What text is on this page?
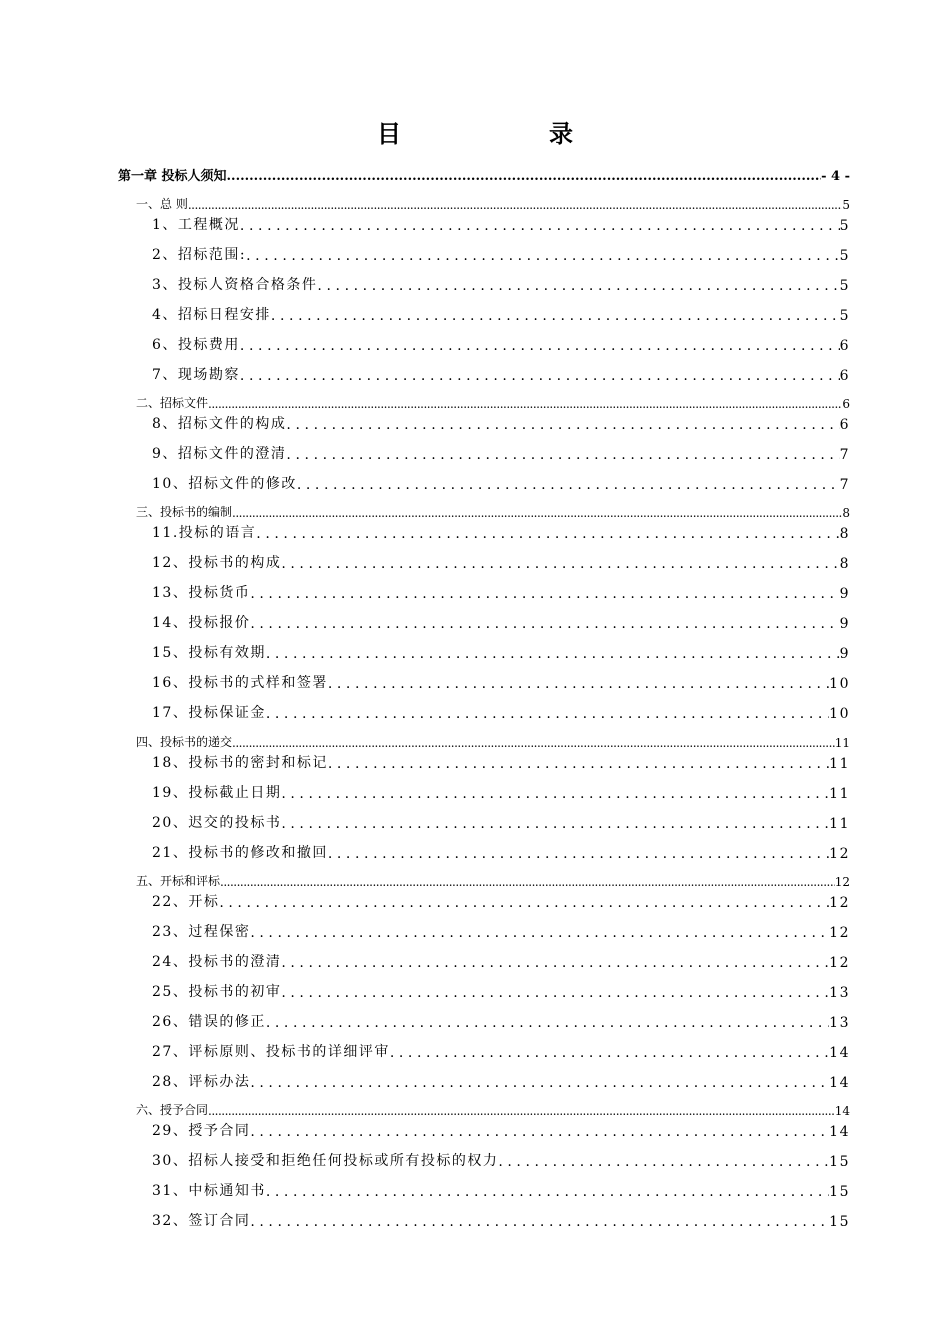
目　录
第一章 投标人须知 .....	- 4 -
一、总 则 .....	5
1、工程概况 .....	5
2、招标范围: .....	5
3、投标人资格合格条件 .....	5
4、招标日程安排 .....	5
6、投标费用 .....	6
7、现场勘察 .....	6
二、招标文件 .....	6
8、招标文件的构成 .....	6
9、招标文件的澄清 .....	7
10、招标文件的修改 .....	7
三、投标书的编制 .....	8
11.投标的语言 .....	8
12、投标书的构成 .....	8
13、投标货币 .....	9
14、投标报价 .....	9
15、投标有效期 .....	9
16、投标书的式样和签署 .....	10
17、投标保证金 .....	10
四、投标书的递交 .....	11
18、投标书的密封和标记 .....	11
19、投标截止日期 .....	11
20、迟交的投标书 .....	11
21、投标书的修改和撤回 .....	12
五、开标和评标 .....	12
22、开标 .....	12
23、过程保密 .....	12
24、投标书的澄清 .....	12
25、投标书的初审 .....	13
26、错误的修正 .....	13
27、评标原则、投标书的详细评审 .....	14
28、评标办法 .....	14
六、授予合同 .....	14
29、授予合同 .....	14
30、招标人接受和拒绝任何投标或所有投标的权力 .....	15
31、中标通知书 .....	15
32、签订合同 .....	15
